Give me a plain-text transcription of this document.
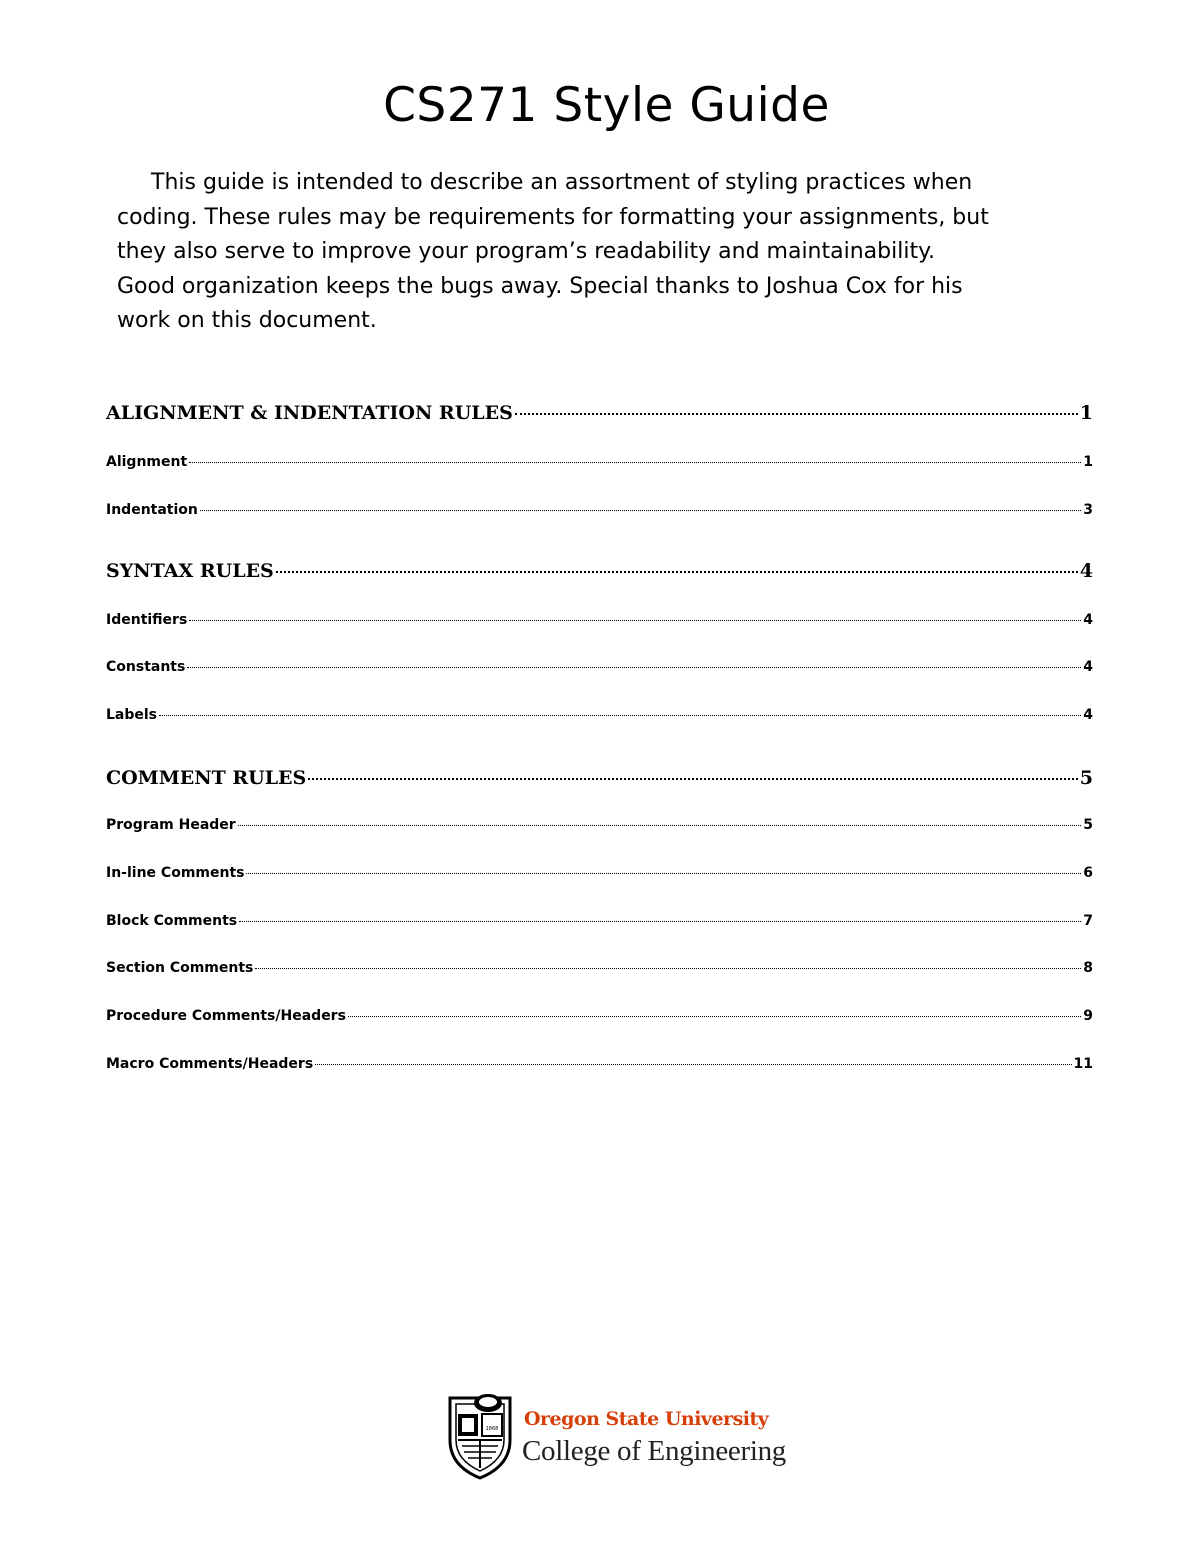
CS271 Style Guide
This guide is intended to describe an assortment of styling practices when
coding. These rules may be requirements for formatting your assignments, but
they also serve to improve your program’s readability and maintainability.
Good organization keeps the bugs away. Special thanks to Joshua Cox for his
work on this document.
ALIGNMENT & INDENTATION RULES	1
Alignment	1
Indentation	3
SYNTAX RULES	4
Identifiers	4
Constants	4
Labels	4
COMMENT RULES	5
Program Header	5
In-line Comments	6
Block Comments	7
Section Comments	8
Procedure Comments/Headers	9
Macro Comments/Headers	11
1868 Oregon State University
College of Engineering
